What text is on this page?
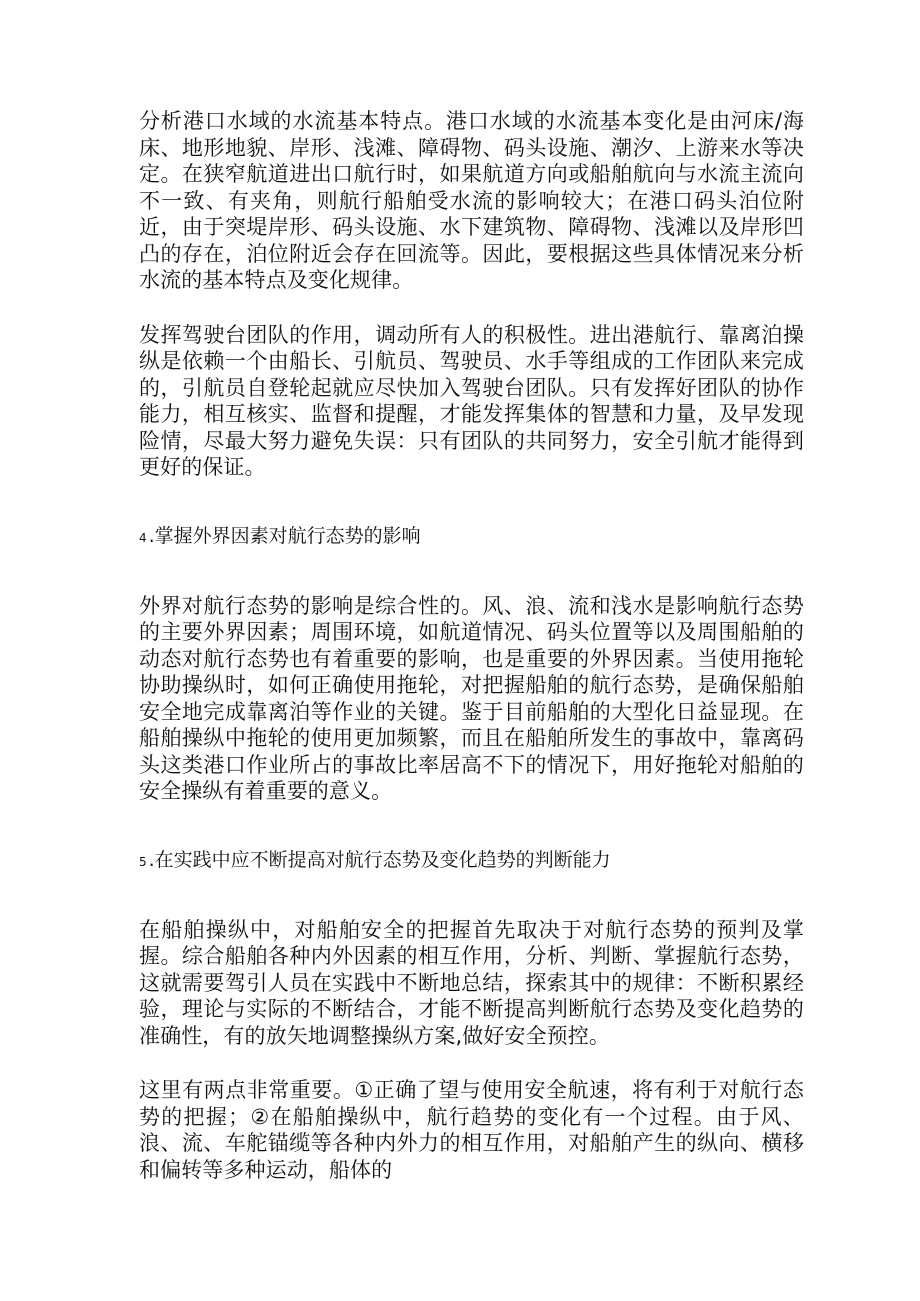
分析港口水域的水流基本特点。港口水域的水流基本变化是由河床/海床、地形地貌、岸形、浅滩、障碍物、码头设施、潮汐、上游来水等决定。在狭窄航道进出口航行时，如果航道方向或船舶航向与水流主流向不一致、有夹角，则航行船舶受水流的影响较大；在港口码头泊位附近，由于突堤岸形、码头设施、水下建筑物、障碍物、浅滩以及岸形凹凸的存在，泊位附近会存在回流等。因此，要根据这些具体情况来分析水流的基本特点及变化规律。

发挥驾驶台团队的作用，调动所有人的积极性。进出港航行、靠离泊操纵是依赖一个由船长、引航员、驾驶员、水手等组成的工作团队来完成的，引航员自登轮起就应尽快加入驾驶台团队。只有发挥好团队的协作能力，相互核实、监督和提醒，才能发挥集体的智慧和力量，及早发现险情，尽最大努力避免失误：只有团队的共同努力，安全引航才能得到更好的保证。

4 .掌握外界因素对航行态势的影响

外界对航行态势的影响是综合性的。风、浪、流和浅水是影响航行态势的主要外界因素；周围环境，如航道情况、码头位置等以及周围船舶的动态对航行态势也有着重要的影响，也是重要的外界因素。当使用拖轮协助操纵时，如何正确使用拖轮，对把握船舶的航行态势，是确保船舶安全地完成靠离泊等作业的关键。鉴于目前船舶的大型化日益显现。在船舶操纵中拖轮的使用更加频繁，而且在船舶所发生的事故中，靠离码头这类港口作业所占的事故比率居高不下的情况下，用好拖轮对船舶的安全操纵有着重要的意义。

5 .在实践中应不断提高对航行态势及变化趋势的判断能力

在船舶操纵中，对船舶安全的把握首先取决于对航行态势的预判及掌握。综合船舶各种内外因素的相互作用，分析、判断、掌握航行态势，这就需要驾引人员在实践中不断地总结，探索其中的规律：不断积累经验，理论与实际的不断结合，才能不断提高判断航行态势及变化趋势的准确性，有的放矢地调整操纵方案,做好安全预控。

这里有两点非常重要。①正确了望与使用安全航速，将有利于对航行态势的把握；②在船舶操纵中，航行趋势的变化有一个过程。由于风、浪、流、车舵锚缆等各种内外力的相互作用，对船舶产生的纵向、横移和偏转等多种运动，船体的
